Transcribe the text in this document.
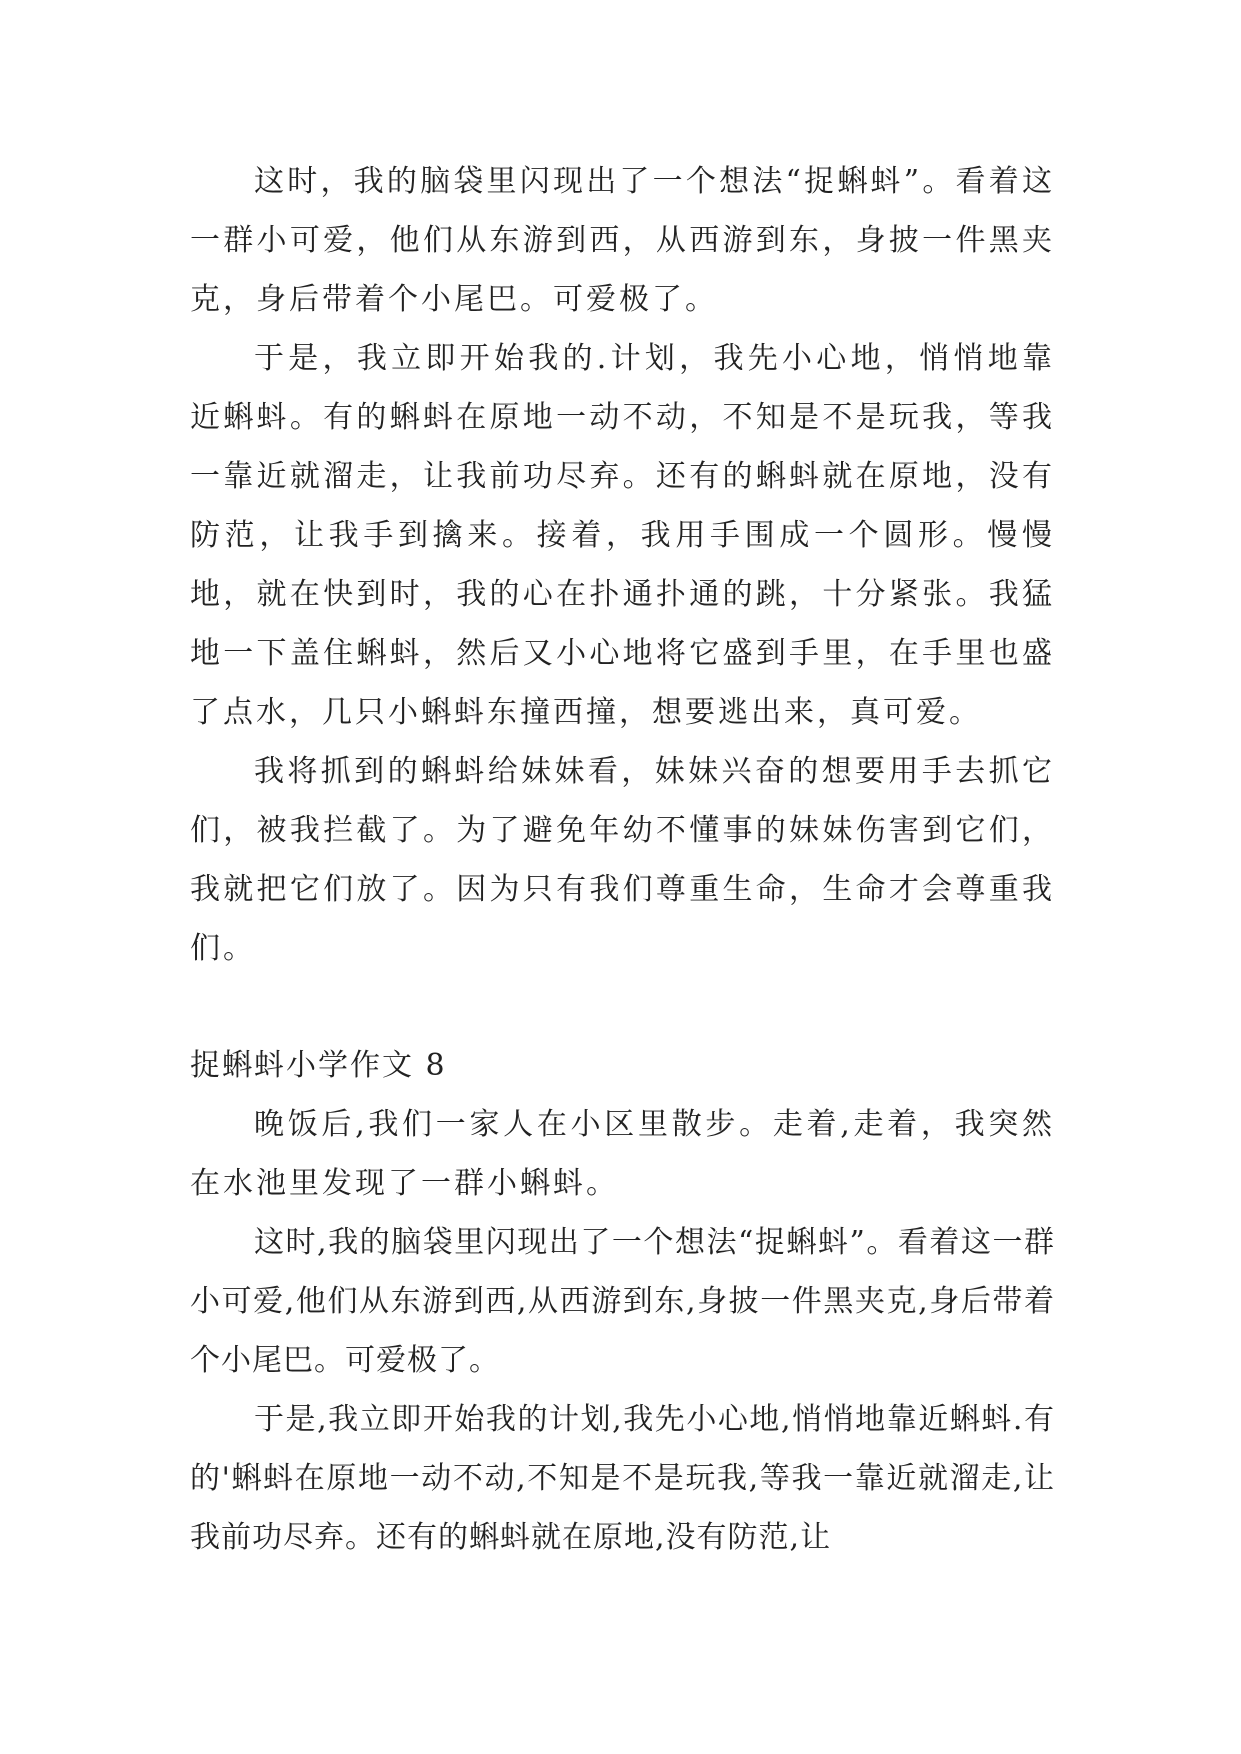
这时，我的脑袋里闪现出了一个想法“捉蝌蚪”。看着这一群小可爱，他们从东游到西，从西游到东，身披一件黑夹克，身后带着个小尾巴。可爱极了。

于是，我立即开始我的.计划，我先小心地，悄悄地靠近蝌蚪。有的蝌蚪在原地一动不动，不知是不是玩我，等我一靠近就溜走，让我前功尽弃。还有的蝌蚪就在原地，没有防范，让我手到擒来。接着，我用手围成一个圆形。慢慢地，就在快到时，我的心在扑通扑通的跳，十分紧张。我猛地一下盖住蝌蚪，然后又小心地将它盛到手里，在手里也盛了点水，几只小蝌蚪东撞西撞，想要逃出来，真可爱。

我将抓到的蝌蚪给妹妹看，妹妹兴奋的想要用手去抓它们，被我拦截了。为了避免年幼不懂事的妹妹伤害到它们，我就把它们放了。因为只有我们尊重生命，生命才会尊重我们。

捉蝌蚪小学作文 8

晚饭后,我们一家人在小区里散步。走着,走着，我突然在水池里发现了一群小蝌蚪。

这时,我的脑袋里闪现出了一个想法“捉蝌蚪”。看着这一群小可爱,他们从东游到西,从西游到东,身披一件黑夹克,身后带着个小尾巴。可爱极了。

于是,我立即开始我的计划,我先小心地,悄悄地靠近蝌蚪.有的'蝌蚪在原地一动不动,不知是不是玩我,等我一靠近就溜走,让我前功尽弃。还有的蝌蚪就在原地,没有防范,让
